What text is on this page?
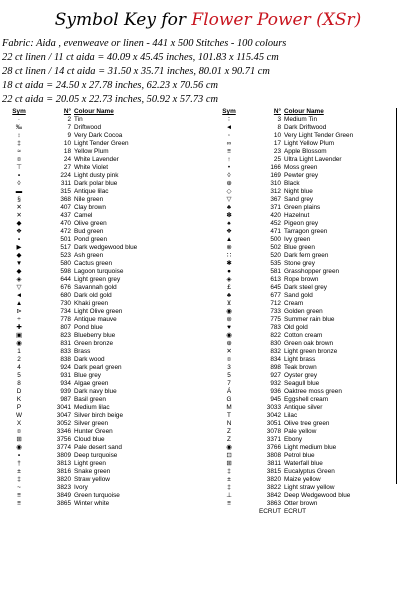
Symbol Key for Flower Power (XSr)
Fabric: Aida , evenweave or linen - 441 x 500 Stitches - 100 colours
22 ct linen / 11 ct aida = 40.09 x 45.45 inches, 101.83 x 115.45 cm
28 ct linen / 14 ct aida = 31.50 x 35.71 inches, 80.01 x 90.71 cm
18 ct aida = 24.50 x 27.78 inches, 62.23 x 70.56 cm
22 ct aida = 20.05 x 22.73 inches, 50.92 x 57.73 cm
Sym	N° Colour Name
·	2 Tin
‰	7 Driftwood
↕	9 Very Dark Cocoa
‡	10 Light Tender Green
≈	18 Yellow Plum
¤	24 White Lavender
⊤	27 White Violet
▪	224 Light dusty pink
◊	311 Dark polar blue
▬	315 Antique lilac
§	368 Nile green
✕	407 Clay brown
✕	437 Camel
◆	470 Olive green
❖	472 Bud green
▪	501 Pond green
▶	517 Dark wedgewood blue
◆	523 Ash green
▼	580 Cactus green
◆	598 Lagoon turquoise
◈	644 Light green grey
▽	676 Savannah gold
◄	680 Dark old gold
▲	730 Khaki green
⊳	734 Light Olive green
÷	778 Antique mauve
✚	807 Pond blue
▣	823 Blueberry blue
◉	831 Green bronze
1	833 Brass
2	838 Dark wood
4	924 Dark pearl green
5	931 Blue grey
8	934 Algae green
D	939 Dark navy blue
K	987 Basil green
P	3041 Medium lilac
W	3047 Silver birch beige
X	3052 Silver green
¤	3346 Hunter Green
⊞	3756 Cloud blue
◉	3774 Pale desert sand
▪	3809 Deep turquoise
†	3813 Light green
±	3816 Snake green
‡	3820 Straw yellow
~	3823 Ivory
≡	3849 Green turquoise
≡	3865 Winter white
Sym	N° Colour Name
∶	3 Medium Tin
◄	8 Dark Driftwood
◦	10 Very Light Tender Green
∞	17 Light Yellow Plum
≡	23 Apple Blossom
↑	25 Ultra Light Lavender
•	166 Moss green
◊	169 Pewter grey
⊕	310 Black
◇	312 Night blue
▽	367 Sand grey
♣	371 Green plains
✽	420 Hazelnut
♠	452 Pigeon grey
❖	471 Tarragon green
▲	500 Ivy green
⊗	502 Blue green
∷	520 Dark fern green
✱	535 Stone grey
●	581 Grasshopper green
◈	613 Rope brown
£	645 Dark steel grey
♣	677 Sand gold
⊻	712 Cream
◉	733 Golden green
⊚	775 Summer rain blue
♥	783 Old gold
◉	822 Cotton cream
⊕	830 Green oak brown
✕	832 Light green bronze
¤	834 Light brass
3	898 Teak brown
5	927 Oyster grey
7	932 Seagull blue
Á	936 Oaktree moss green
G	945 Eggshell cream
M	3033 Antique silver
T	3042 Lilac
N	3051 Olive tree green
Z	3078 Pale yellow
Z	3371 Ebony
◉	3766 Light medium blue
⊡	3808 Petrol blue
⊞	3811 Waterfall blue
‡	3815 Eucalyptus Green
±	3820 Maize yellow
‡	3822 Light straw yellow
⊥	3842 Deep Wedgewood blue
≡	3863 Otter brown
ECRUT ECRUT
